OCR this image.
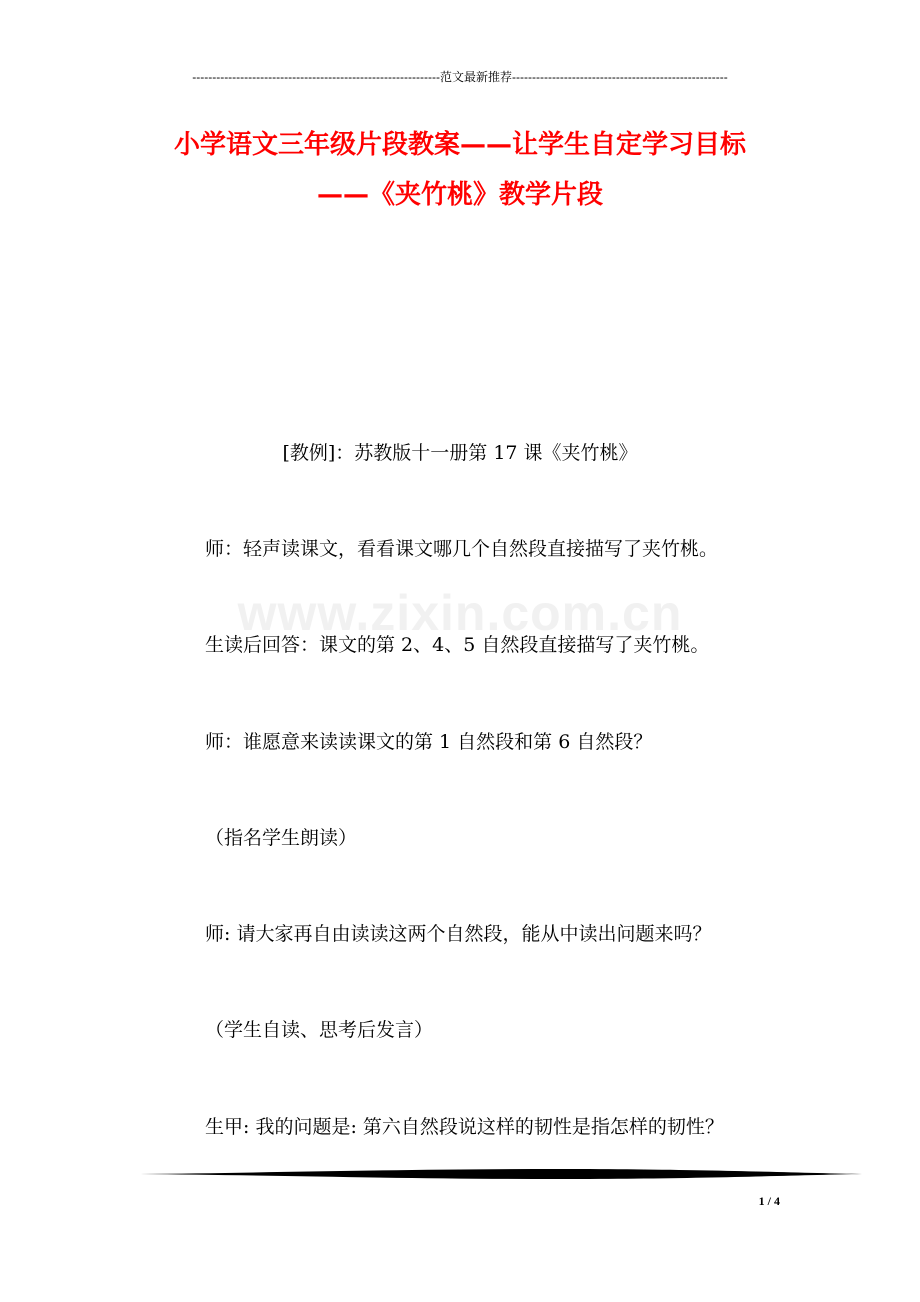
--------------------------------------------------------------范文最新推荐------------------------------------------------------
小学语文三年级片段教案——让学生自定学习目标
——《夹竹桃》教学片段
www.zixin.com.cn
[教例]：苏教版十一册第 17 课《夹竹桃》
师：轻声读课文，看看课文哪几个自然段直接描写了夹竹桃。
生读后回答：课文的第 2、4、5 自然段直接描写了夹竹桃。
师：谁愿意来读读课文的第 1 自然段和第 6 自然段？
（指名学生朗读）
师: 请大家再自由读读这两个自然段，能从中读出问题来吗？
（学生自读、思考后发言）
生甲: 我的问题是: 第六自然段说这样的韧性是指怎样的韧性？
1 / 4
